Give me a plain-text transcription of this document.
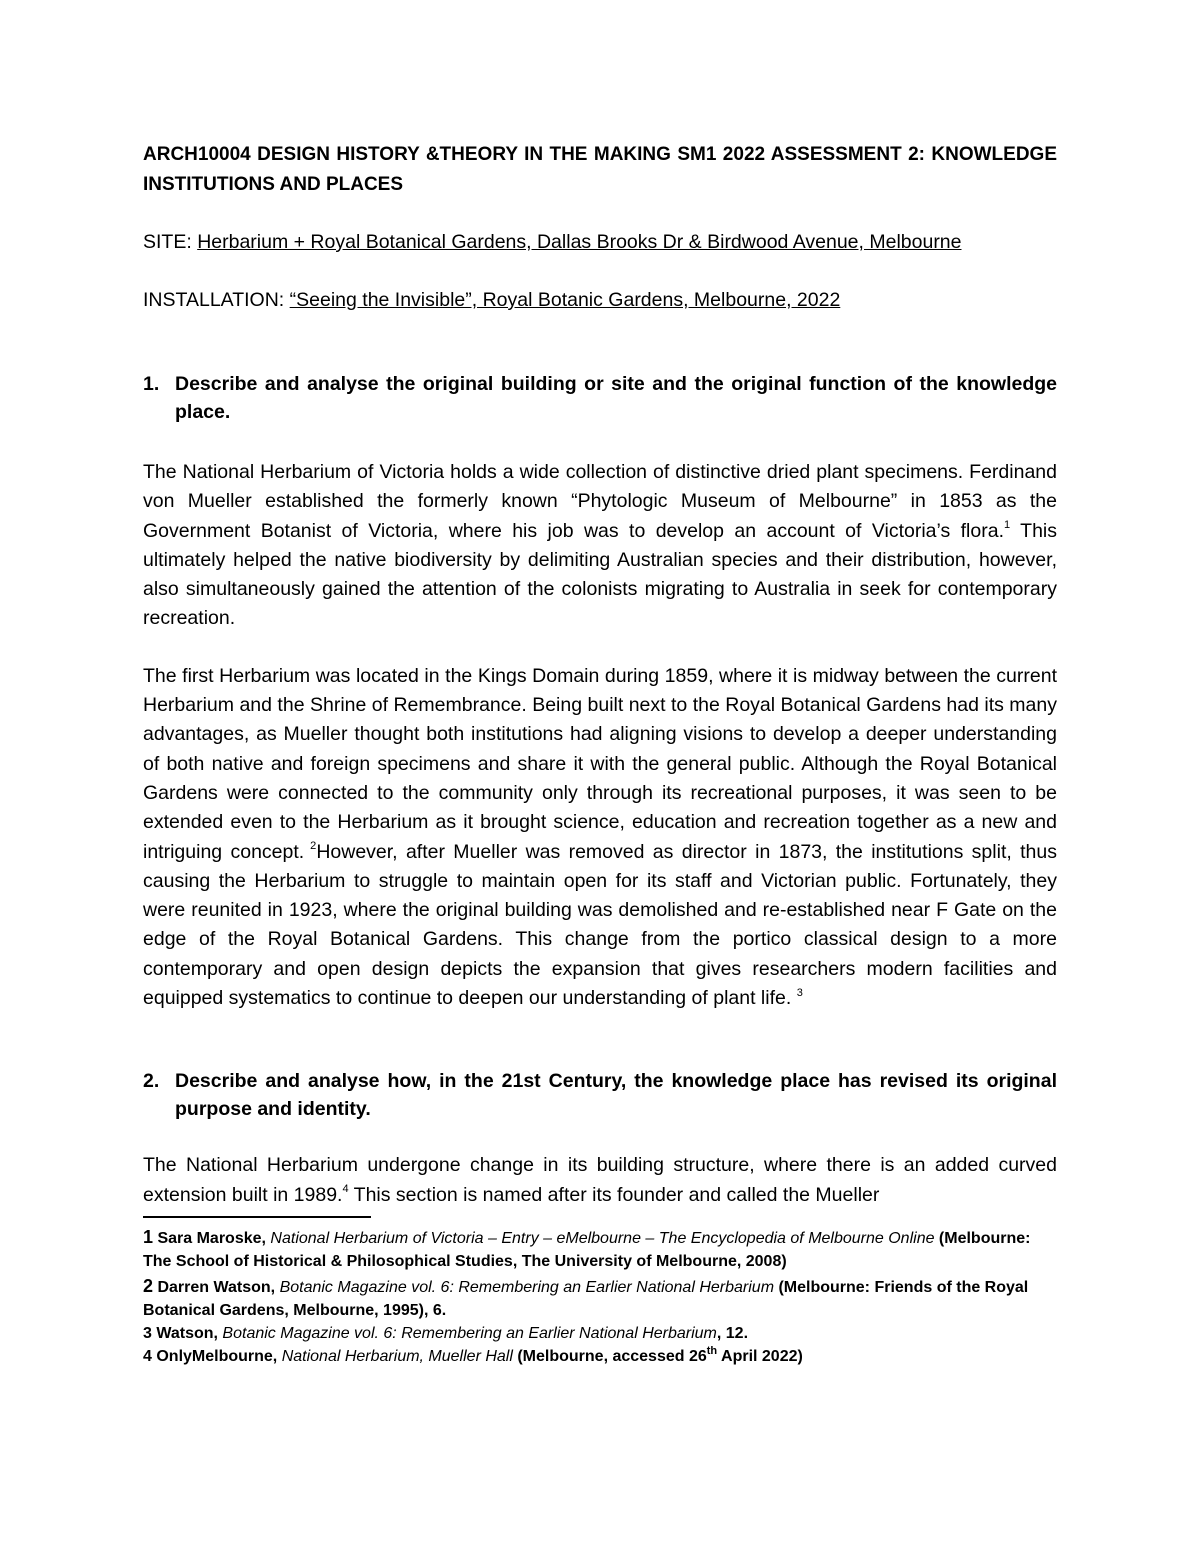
ARCH10004 DESIGN HISTORY &THEORY IN THE MAKING SM1 2022 ASSESSMENT 2: KNOWLEDGE INSTITUTIONS AND PLACES

SITE: Herbarium + Royal Botanical Gardens, Dallas Brooks Dr & Birdwood Avenue, Melbourne

INSTALLATION: “Seeing the Invisible”, Royal Botanic Gardens, Melbourne, 2022

1. Describe and analyse the original building or site and the original function of the knowledge place.

The National Herbarium of Victoria holds a wide collection of distinctive dried plant specimens. Ferdinand von Mueller established the formerly known “Phytologic Museum of Melbourne” in 1853 as the Government Botanist of Victoria, where his job was to develop an account of Victoria’s flora.$^1$ This ultimately helped the native biodiversity by delimiting Australian species and their distribution, however, also simultaneously gained the attention of the colonists migrating to Australia in seek for contemporary recreation.

The first Herbarium was located in the Kings Domain during 1859, where it is midway between the current Herbarium and the Shrine of Remembrance. Being built next to the Royal Botanical Gardens had its many advantages, as Mueller thought both institutions had aligning visions to develop a deeper understanding of both native and foreign specimens and share it with the general public. Although the Royal Botanical Gardens were connected to the community only through its recreational purposes, it was seen to be extended even to the Herbarium as it brought science, education and recreation together as a new and intriguing concept. $^2$However, after Mueller was removed as director in 1873, the institutions split, thus causing the Herbarium to struggle to maintain open for its staff and Victorian public. Fortunately, they were reunited in 1923, where the original building was demolished and re-established near F Gate on the edge of the Royal Botanical Gardens. This change from the portico classical design to a more contemporary and open design depicts the expansion that gives researchers modern facilities and equipped systematics to continue to deepen our understanding of plant life. $^3$

2. Describe and analyse how, in the 21st Century, the knowledge place has revised its original purpose and identity.

The National Herbarium undergone change in its building structure, where there is an added curved extension built in 1989.$^4$ This section is named after its founder and called the Mueller

1 Sara Maroske, National Herbarium of Victoria – Entry – eMelbourne – The Encyclopedia of Melbourne Online (Melbourne: The School of Historical & Philosophical Studies, The University of Melbourne, 2008)
2 Darren Watson, Botanic Magazine vol. 6: Remembering an Earlier National Herbarium (Melbourne: Friends of the Royal Botanical Gardens, Melbourne, 1995), 6.
3 Watson, Botanic Magazine vol. 6: Remembering an Earlier National Herbarium, 12.
4 OnlyMelbourne, National Herbarium, Mueller Hall (Melbourne, accessed 26th April 2022)
